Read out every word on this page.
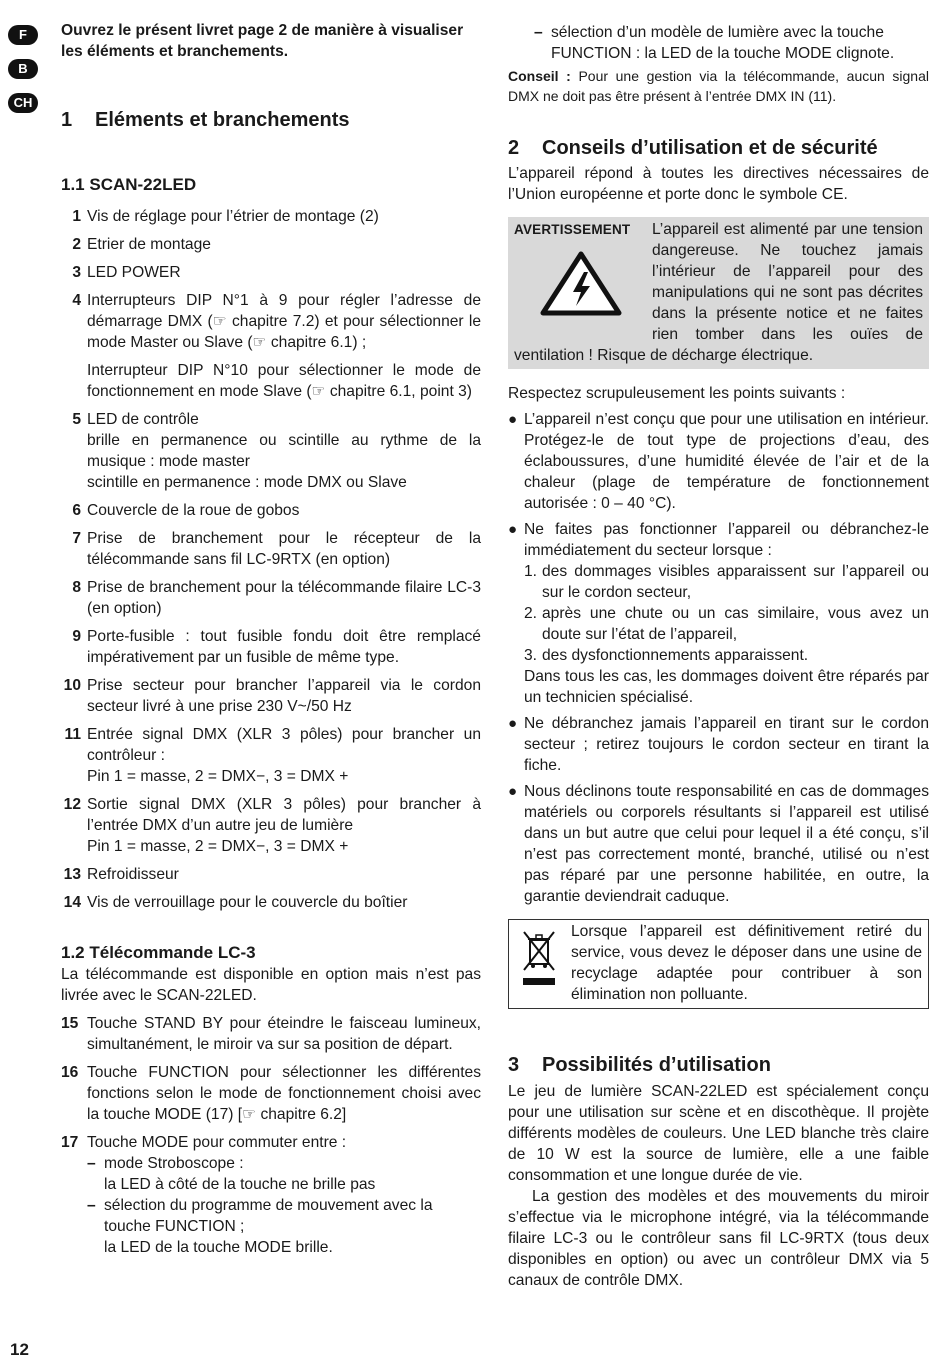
F
B
CH

Ouvrez le présent livret page 2 de manière à visualiser les éléments et branchements.

1 Eléments et branchements
1.1 SCAN-22LED
1 Vis de réglage pour l’étrier de montage (2)
2 Etrier de montage
3 LED POWER
4 Interrupteurs DIP N°1 à 9 pour régler l’adresse de démarrage DMX (☞ chapitre 7.2) et pour sélectionner le mode Master ou Slave (☞ chapitre 6.1) ;
Interrupteur DIP N°10 pour sélectionner le mode de fonctionnement en mode Slave (☞ chapitre 6.1, point 3)
5 LED de contrôle
brille en permanence ou scintille au rythme de la musique : mode master
scintille en permanence : mode DMX ou Slave
6 Couvercle de la roue de gobos
7 Prise de branchement pour le récepteur de la télécommande sans fil LC-9RTX (en option)
8 Prise de branchement pour la télécommande filaire LC-3 (en option)
9 Porte-fusible : tout fusible fondu doit être remplacé impérativement par un fusible de même type.
10 Prise secteur pour brancher l’appareil via le cordon secteur livré à une prise 230 V~/50 Hz
11 Entrée signal DMX (XLR 3 pôles) pour brancher un contrôleur :
Pin 1 = masse, 2 = DMX−, 3 = DMX +
12 Sortie signal DMX (XLR 3 pôles) pour brancher à l’entrée DMX d’un autre jeu de lumière
Pin 1 = masse, 2 = DMX−, 3 = DMX +
13 Refroidisseur
14 Vis de verrouillage pour le couvercle du boîtier
1.2 Télécommande LC-3

La télécommande est disponible en option mais n’est pas livrée avec le SCAN-22LED.

15 Touche STAND BY pour éteindre le faisceau lumineux, simultanément, le miroir va sur sa position de départ.
16 Touche FUNCTION pour sélectionner les différentes fonctions selon le mode de fonctionnement choisi avec la touche MODE (17) [☞ chapitre 6.2]
17 Touche MODE pour commuter entre :
– mode Stroboscope :
la LED à côté de la touche ne brille pas
– sélection du programme de mouvement avec la touche FUNCTION ;
la LED de la touche MODE brille.
– sélection d’un modèle de lumière avec la touche FUNCTION : la LED de la touche MODE clignote.

Conseil : Pour une gestion via la télécommande, aucun signal DMX ne doit pas être présent à l’entrée DMX IN (11).

2 Conseils d’utilisation et de sécurité

L’appareil répond à toutes les directives nécessaires de l’Union européenne et porte donc le symbole CE.

AVERTISSEMENT	L’appareil est alimenté par une tension dangereuse. Ne touchez jamais l’intérieur de l’appareil pour des manipulations qui ne sont pas décrites dans la présente notice et ne faites rien tomber dans les ouïes de ventilation ! Risque de décharge électrique.

Respectez scrupuleusement les points suivants :

● L’appareil n’est conçu que pour une utilisation en intérieur. Protégez-le de tout type de projections d’eau, des éclaboussures, d’une humidité élevée de l’air et de la chaleur (plage de température de fonctionnement autorisée : 0 – 40 °C).
● Ne faites pas fonctionner l’appareil ou débranchez-le immédiatement du secteur lorsque :
1. des dommages visibles apparaissent sur l’appareil ou sur le cordon secteur,
2. après une chute ou un cas similaire, vous avez un doute sur l’état de l’appareil,
3. des dysfonctionnements apparaissent.
Dans tous les cas, les dommages doivent être réparés par un technicien spécialisé.
● Ne débranchez jamais l’appareil en tirant sur le cordon secteur ; retirez toujours le cordon secteur en tirant la fiche.
● Nous déclinons toute responsabilité en cas de dommages matériels ou corporels résultants si l’appareil est utilisé dans un but autre que celui pour lequel il a été conçu, s’il n’est pas correctement monté, branché, utilisé ou n’est pas réparé par une personne habilitée, en outre, la garantie deviendrait caduque.
Lorsque l’appareil est définitivement retiré du service, vous devez le déposer dans une usine de recyclage adaptée pour contribuer à son élimination non polluante.
3 Possibilités d’utilisation

Le jeu de lumière SCAN-22LED est spécialement conçu pour une utilisation sur scène et en discothèque. Il projète différents modèles de couleurs. Une LED blanche très claire de 10 W est la source de lumière, elle a une faible consommation et une longue durée de vie.

La gestion des modèles et des mouvements du miroir s’effectue via le microphone intégré, via la télécommande filaire LC-3 ou le contrôleur sans fil LC-9RTX (tous deux disponibles en option) ou avec un contrôleur DMX via 5 canaux de contrôle DMX.

12
